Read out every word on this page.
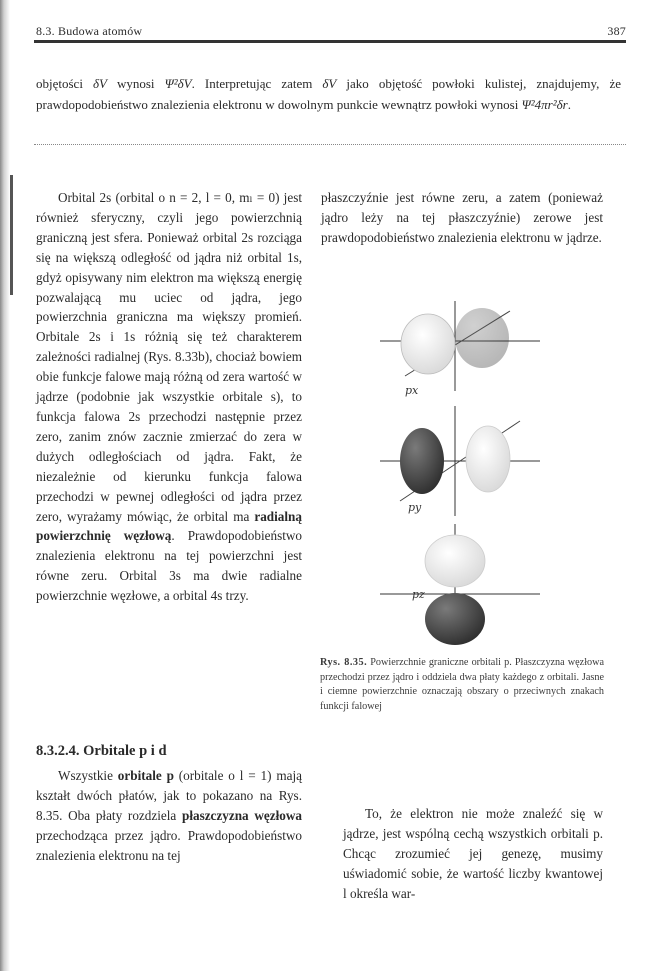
8.3. Budowa atomów	387

objętości δV wynosi Ψ²δV. Interpretując zatem δV jako objętość powłoki kulistej, znajdujemy, że prawdopodobieństwo znalezienia elektronu w dowolnym punkcie wewnątrz powłoki wynosi Ψ²4πr²δr.

Orbital 2s (orbital o n = 2, l = 0, mₗ = 0) jest również sferyczny, czyli jego powierzchnią graniczną jest sfera. Ponieważ orbital 2s rozciąga się na większą odległość od jądra niż orbital 1s, gdyż opisywany nim elektron ma większą energię pozwalającą mu uciec od jądra, jego powierzchnia graniczna ma większy promień. Orbitale 2s i 1s różnią się też charakterem zależności radialnej (Rys. 8.33b), chociaż bowiem obie funkcje falowe mają różną od zera wartość w jądrze (podobnie jak wszystkie orbitale s), to funkcja falowa 2s przechodzi następnie przez zero, zanim znów zacznie zmierzać do zera w dużych odległościach od jądra. Fakt, że niezależnie od kierunku funkcja falowa przechodzi w pewnej odległości od jądra przez zero, wyrażamy mówiąc, że orbital ma radialną powierzchnię węzłową. Prawdopodobieństwo znalezienia elektronu na tej powierzchni jest równe zeru. Orbital 3s ma dwie radialne powierzchnie węzłowe, a orbital 4s trzy.

płaszczyźnie jest równe zeru, a zatem (ponieważ jądro leży na tej płaszczyźnie) zerowe jest prawdopodobieństwo znalezienia elektronu w jądrze.

px
py
pz
Rys. 8.35. Powierzchnie graniczne orbitali p. Płaszczyzna węzłowa przechodzi przez jądro i oddziela dwa płaty każdego z orbitali. Jasne i ciemne powierzchnie oznaczają obszary o przeciwnych znakach funkcji falowej
8.3.2.4. Orbitale p i d

Wszystkie orbitale p (orbitale o l = 1) mają kształt dwóch płatów, jak to pokazano na Rys. 8.35. Oba płaty rozdziela płaszczyzna węzłowa przechodząca przez jądro. Prawdopodobieństwo znalezienia elektronu na tej

To, że elektron nie może znaleźć się w jądrze, jest wspólną cechą wszystkich orbitali p. Chcąc zrozumieć jej genezę, musimy uświadomić sobie, że wartość liczby kwantowej l określa war-
